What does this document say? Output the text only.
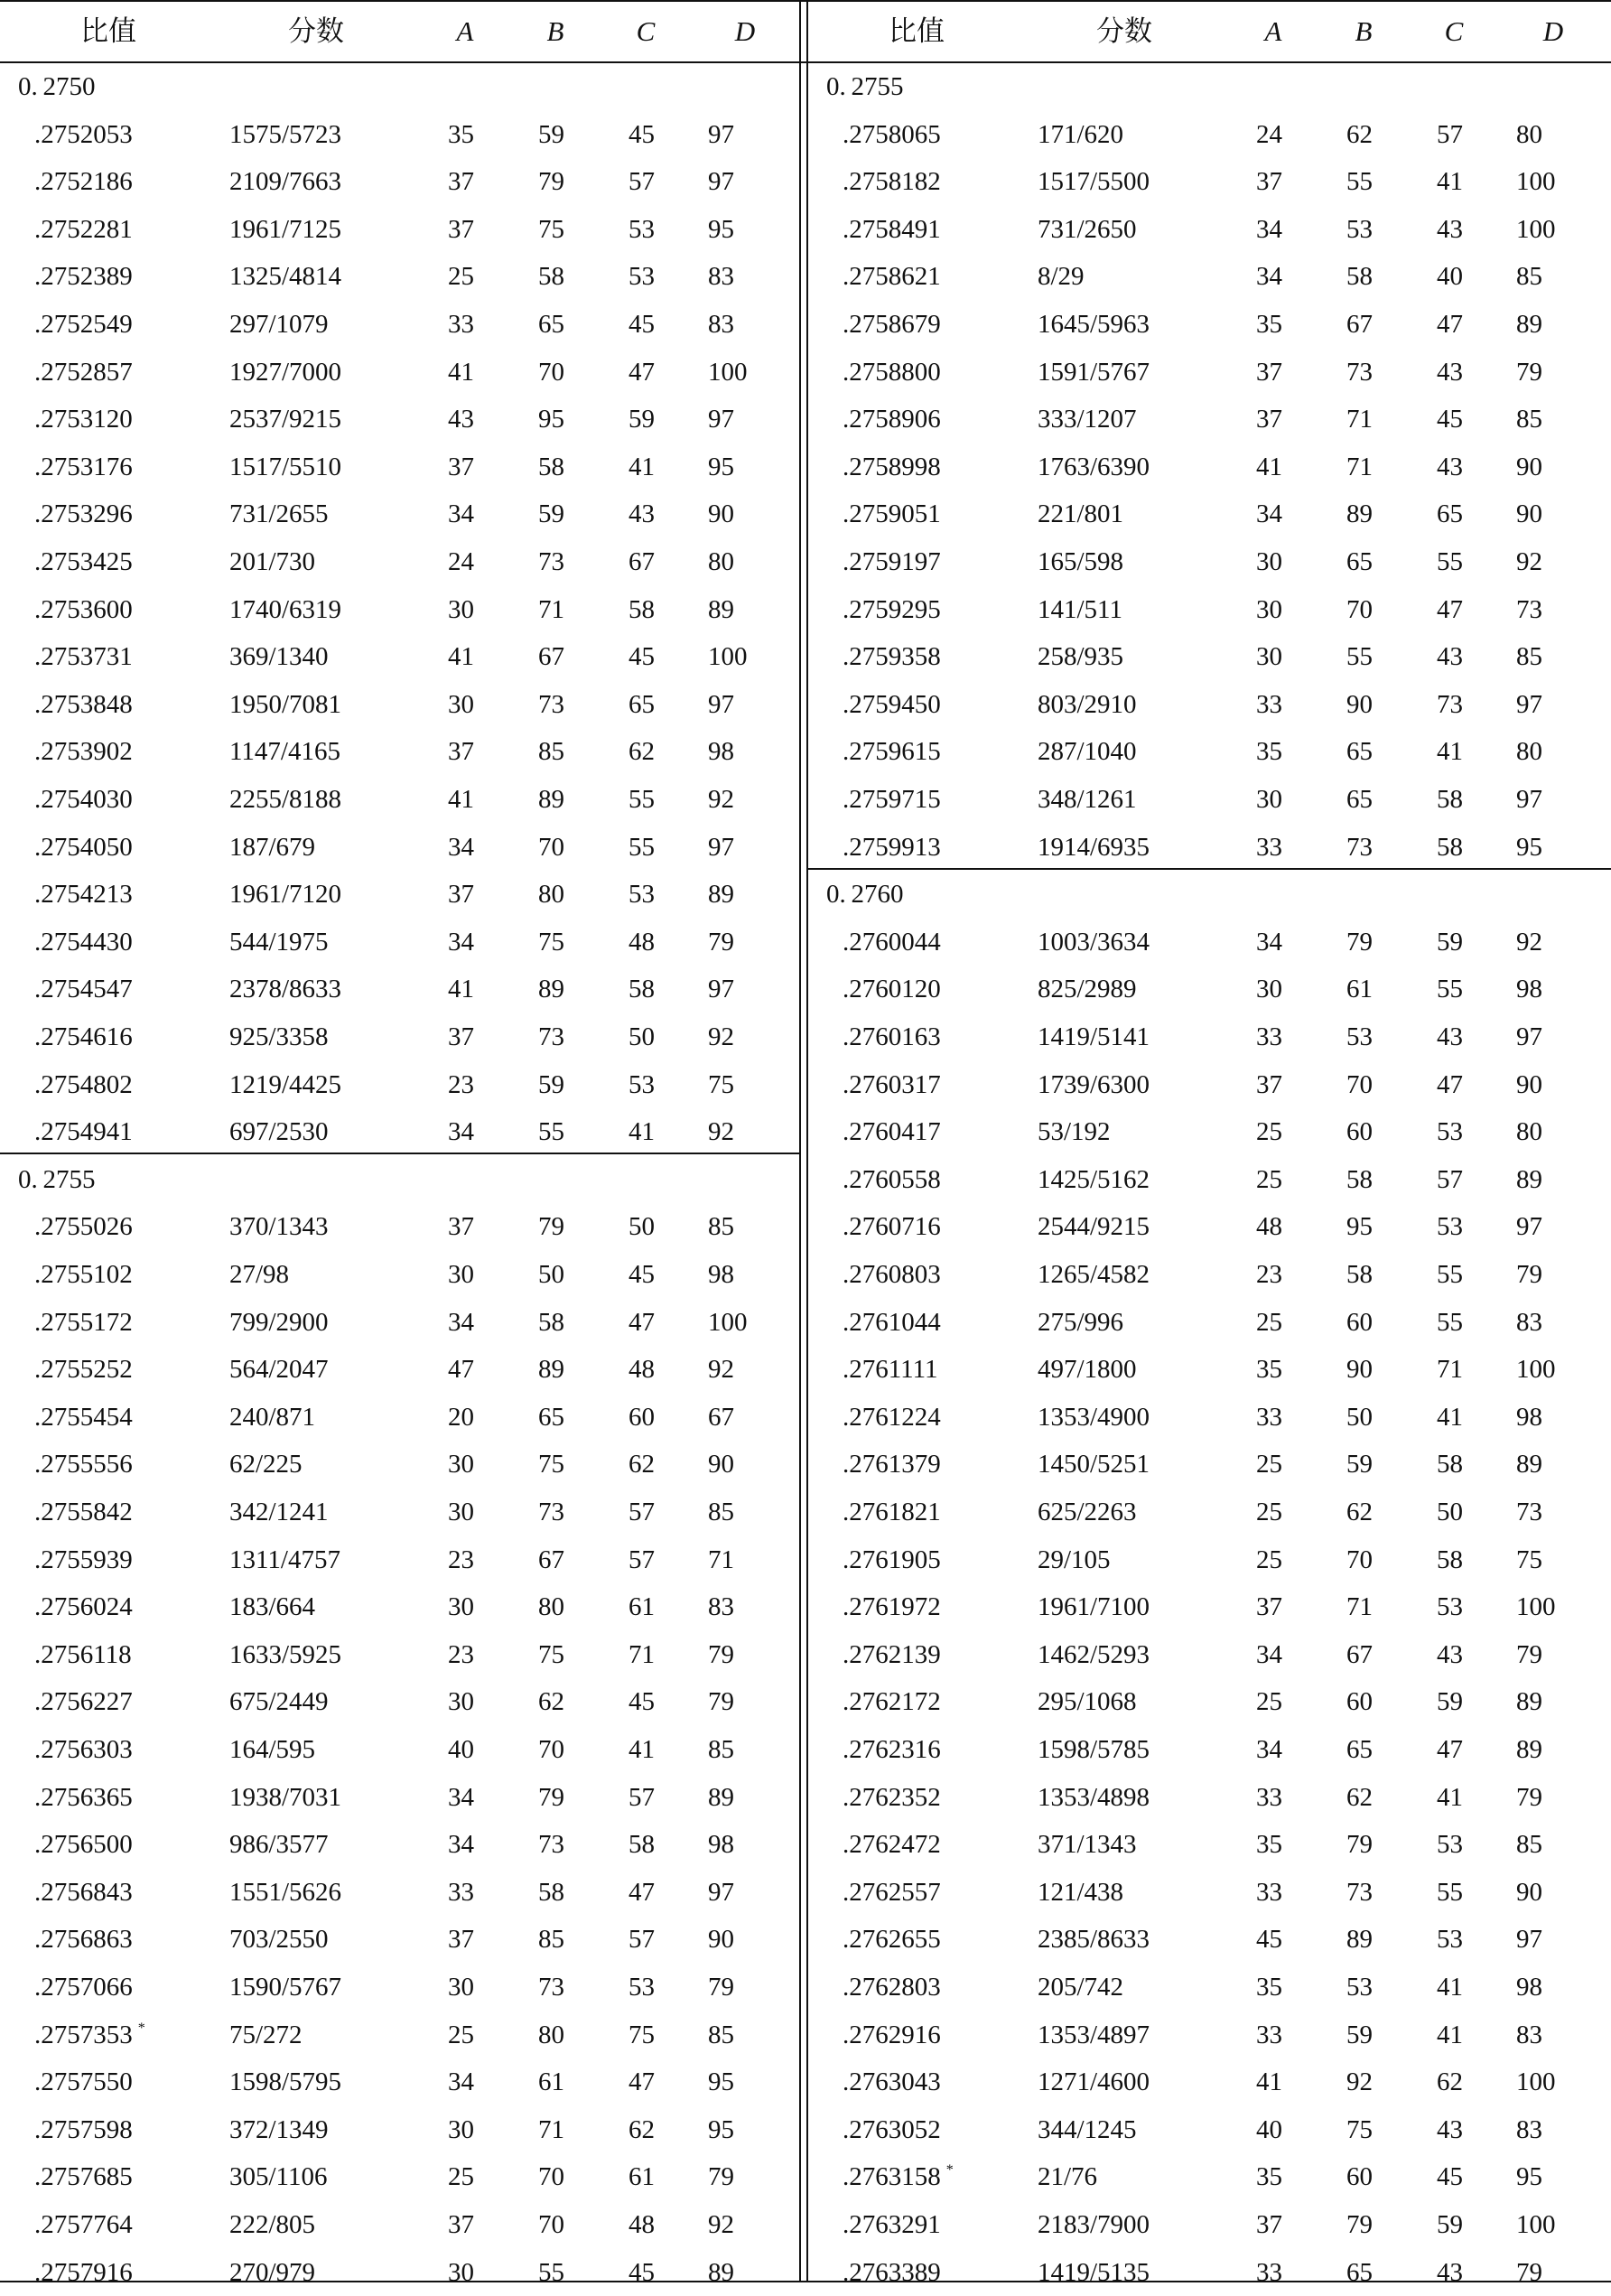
比值	分数	A	B	C	D	比值	分数	A	B	C	D
0. 2750
.2752053	1575/5723	35 59 45 97
.2752186	2109/7663	37 79 57 97
.2752281	1961/7125	37 75 53 95
.2752389	1325/4814	25 58 53 83
.2752549	297/1079	33 65 45 83
.2752857	1927/7000	41 70 47 100
.2753120	2537/9215	43 95 59 97
.2753176	1517/5510	37 58 41 95
.2753296	731/2655	34 59 43 90
.2753425	201/730	24 73 67 80
.2753600	1740/6319	30 71 58 89
.2753731	369/1340	41 67 45 100
.2753848	1950/7081	30 73 65 97
.2753902	1147/4165	37 85 62 98
.2754030	2255/8188	41 89 55 92
.2754050	187/679	34 70 55 97
.2754213	1961/7120	37 80 53 89
.2754430	544/1975	34 75 48 79
.2754547	2378/8633	41 89 58 97
.2754616	925/3358	37 73 50 92
.2754802	1219/4425	23 59 53 75
.2754941	697/2530	34 55 41 92
0. 2755
.2755026	370/1343	37 79 50 85
.2755102	27/98	30 50 45 98
.2755172	799/2900	34 58 47 100
.2755252	564/2047	47 89 48 92
.2755454	240/871	20 65 60 67
.2755556	62/225	30 75 62 90
.2755842	342/1241	30 73 57 85
.2755939	1311/4757	23 67 57 71
.2756024	183/664	30 80 61 83
.2756118	1633/5925	23 75 71 79
.2756227	675/2449	30 62 45 79
.2756303	164/595	40 70 41 85
.2756365	1938/7031	34 79 57 89
.2756500	986/3577	34 73 58 98
.2756843	1551/5626	33 58 47 97
.2756863	703/2550	37 85 57 90
.2757066	1590/5767	30 73 53 79
.2757353 *	75/272	25 80 75 85
.2757550	1598/5795	34 61 47 95
.2757598	372/1349	30 71 62 95
.2757685	305/1106	25 70 61 79
.2757764	222/805	37 70 48 92
.2757916	270/979	30 55 45 89
0. 2755
.2758065	171/620	24 62 57 80
.2758182	1517/5500	37 55 41 100
.2758491	731/2650	34 53 43 100
.2758621	8/29	34 58 40 85
.2758679	1645/5963	35 67 47 89
.2758800	1591/5767	37 73 43 79
.2758906	333/1207	37 71 45 85
.2758998	1763/6390	41 71 43 90
.2759051	221/801	34 89 65 90
.2759197	165/598	30 65 55 92
.2759295	141/511	30 70 47 73
.2759358	258/935	30 55 43 85
.2759450	803/2910	33 90 73 97
.2759615	287/1040	35 65 41 80
.2759715	348/1261	30 65 58 97
.2759913	1914/6935	33 73 58 95
0. 2760
.2760044	1003/3634	34 79 59 92
.2760120	825/2989	30 61 55 98
.2760163	1419/5141	33 53 43 97
.2760317	1739/6300	37 70 47 90
.2760417	53/192	25 60 53 80
.2760558	1425/5162	25 58 57 89
.2760716	2544/9215	48 95 53 97
.2760803	1265/4582	23 58 55 79
.2761044	275/996	25 60 55 83
.2761111	497/1800	35 90 71 100
.2761224	1353/4900	33 50 41 98
.2761379	1450/5251	25 59 58 89
.2761821	625/2263	25 62 50 73
.2761905	29/105	25 70 58 75
.2761972	1961/7100	37 71 53 100
.2762139	1462/5293	34 67 43 79
.2762172	295/1068	25 60 59 89
.2762316	1598/5785	34 65 47 89
.2762352	1353/4898	33 62 41 79
.2762472	371/1343	35 79 53 85
.2762557	121/438	33 73 55 90
.2762655	2385/8633	45 89 53 97
.2762803	205/742	35 53 41 98
.2762916	1353/4897	33 59 41 83
.2763043	1271/4600	41 92 62 100
.2763052	344/1245	40 75 43 83
.2763158 *	21/76	35 60 45 95
.2763291	2183/7900	37 79 59 100
.2763389	1419/5135	33 65 43 79
